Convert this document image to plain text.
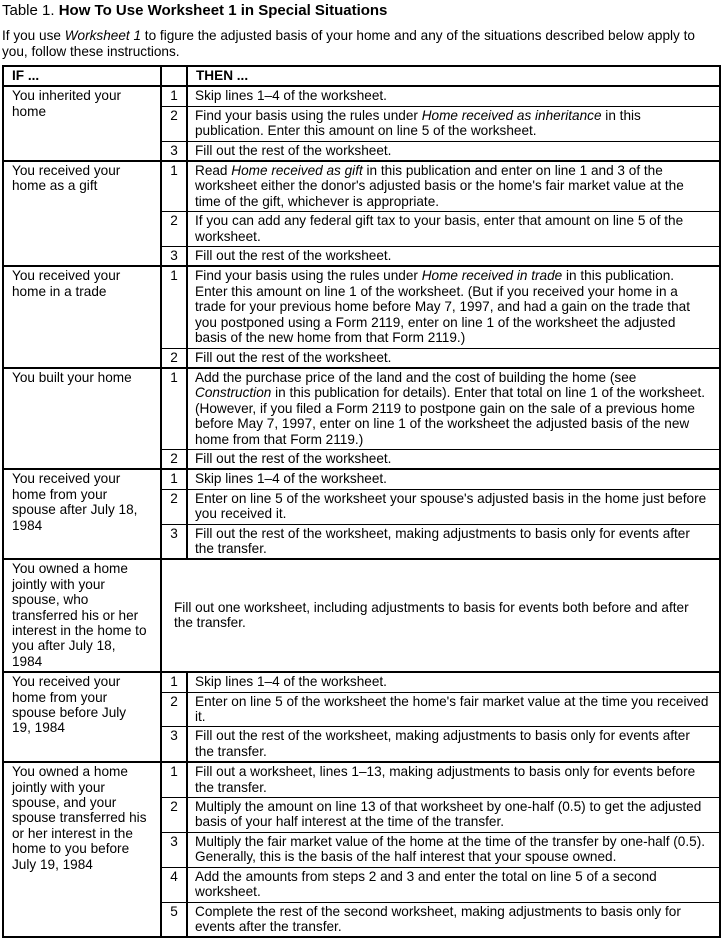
Table 1. How To Use Worksheet 1 in Special Situations

If you use Worksheet 1 to figure the adjusted basis of your home and any of the situations described below apply to you, follow these instructions.

IF ...		THEN ...
You inherited your home	1	Skip lines 1–4 of the worksheet.
	2	Find your basis using the rules under Home received as inheritance in this publication. Enter this amount on line 5 of the worksheet.
	3	Fill out the rest of the worksheet.
You received your home as a gift	1	Read Home received as gift in this publication and enter on line 1 and 3 of the worksheet either the donor's adjusted basis or the home's fair market value at the time of the gift, whichever is appropriate.
	2	If you can add any federal gift tax to your basis, enter that amount on line 5 of the worksheet.
	3	Fill out the rest of the worksheet.
You received your home in a trade	1	Find your basis using the rules under Home received in trade in this publication. Enter this amount on line 1 of the worksheet. (But if you received your home in a trade for your previous home before May 7, 1997, and had a gain on the trade that you postponed using a Form 2119, enter on line 1 of the worksheet the adjusted basis of the new home from that Form 2119.)
	2	Fill out the rest of the worksheet.
You built your home	1	Add the purchase price of the land and the cost of building the home (see Construction in this publication for details). Enter that total on line 1 of the worksheet. (However, if you filed a Form 2119 to postpone gain on the sale of a previous home before May 7, 1997, enter on line 1 of the worksheet the adjusted basis of the new home from that Form 2119.)
	2	Fill out the rest of the worksheet.
You received your home from your spouse after July 18, 1984	1	Skip lines 1–4 of the worksheet.
	2	Enter on line 5 of the worksheet your spouse's adjusted basis in the home just before you received it.
	3	Fill out the rest of the worksheet, making adjustments to basis only for events after the transfer.
You owned a home jointly with your spouse, who transferred his or her interest in the home to you after July 18, 1984	Fill out one worksheet, including adjustments to basis for events both before and after the transfer.	
You received your home from your spouse before July 19, 1984	1	Skip lines 1–4 of the worksheet.
	2	Enter on line 5 of the worksheet the home's fair market value at the time you received it.
	3	Fill out the rest of the worksheet, making adjustments to basis only for events after the transfer.
You owned a home jointly with your spouse, and your spouse transferred his or her interest in the home to you before July 19, 1984	1	Fill out a worksheet, lines 1–13, making adjustments to basis only for events before the transfer.
	2	Multiply the amount on line 13 of that worksheet by one-half (0.5) to get the adjusted basis of your half interest at the time of the transfer.
	3	Multiply the fair market value of the home at the time of the transfer by one-half (0.5). Generally, this is the basis of the half interest that your spouse owned.
	4	Add the amounts from steps 2 and 3 and enter the total on line 5 of a second worksheet.
	5	Complete the rest of the second worksheet, making adjustments to basis only for events after the transfer.
